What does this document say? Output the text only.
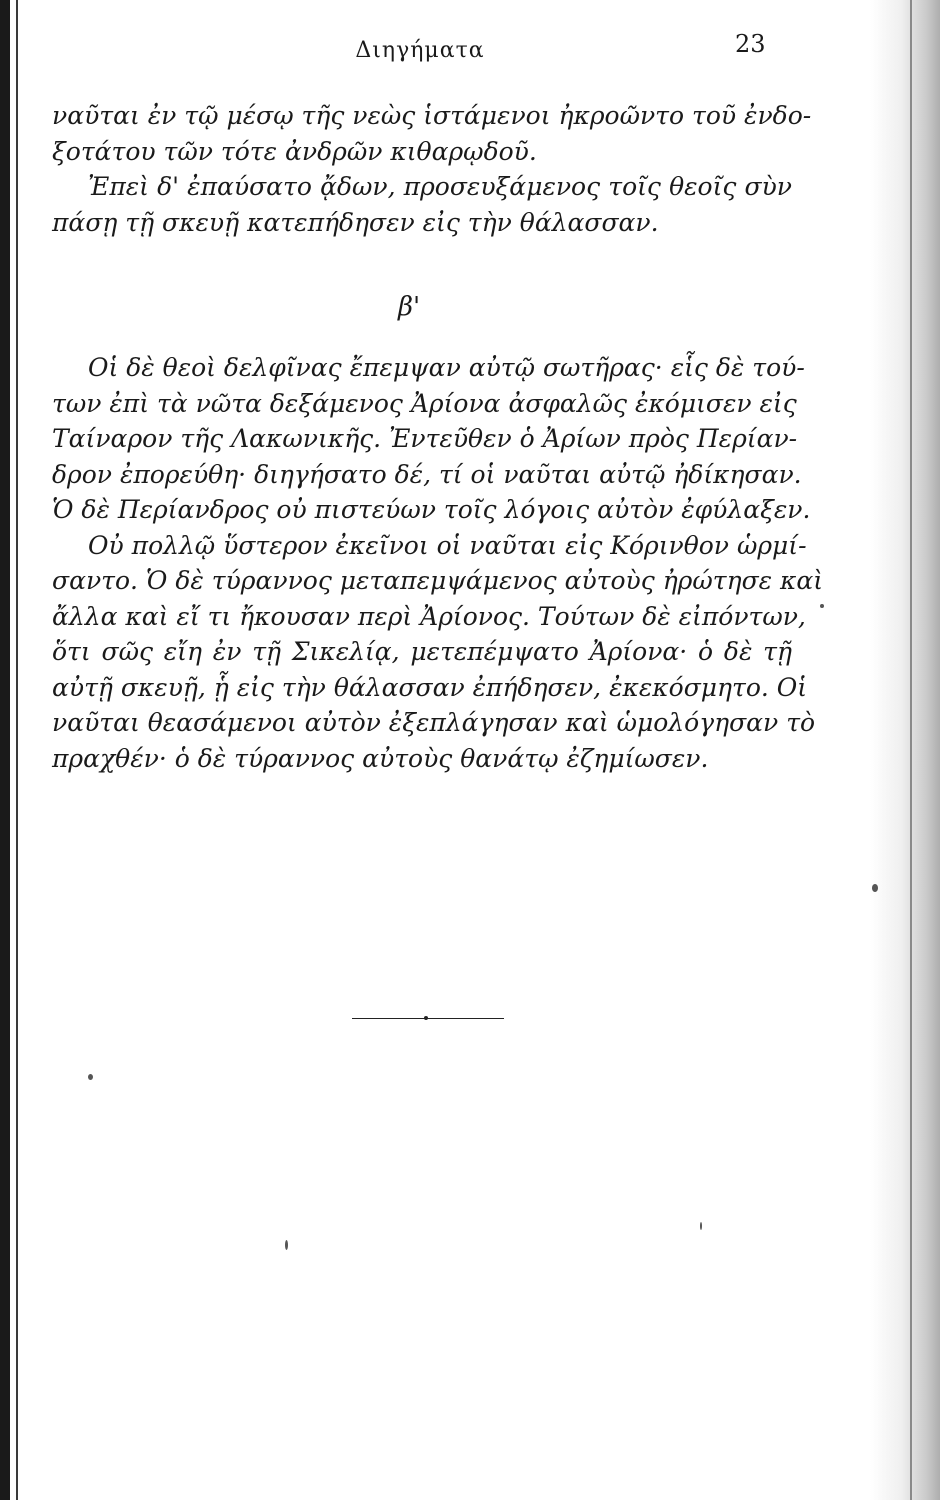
Διηγήματα	23

ναῦται ἐν τῷ μέσῳ τῆς νεὼς ἱστάμενοι ἠκροῶντο τοῦ ἐνδο-
ξοτάτου τῶν τότε ἀνδρῶν κιθαρῳδοῦ.

Ἐπεὶ δ' ἐπαύσατο ᾄδων, προσευξάμενος τοῖς θεοῖς σὺν
πάσῃ τῇ σκευῇ κατεπήδησεν εἰς τὴν θάλασσαν.

β'

Οἱ δὲ θεοὶ δελφῖνας ἔπεμψαν αὐτῷ σωτῆρας· εἷς δὲ τού-
των ἐπὶ τὰ νῶτα δεξάμενος Ἀρίονα ἀσφαλῶς ἐκόμισεν εἰς
Ταίναρον τῆς Λακωνικῆς. Ἐντεῦθεν ὁ Ἀρίων πρὸς Περίαν-
δρον ἐπορεύθη· διηγήσατο δέ, τί οἱ ναῦται αὐτῷ ἠδίκησαν.
Ὁ δὲ Περίανδρος οὐ πιστεύων τοῖς λόγοις αὐτὸν ἐφύλαξεν.

Οὐ πολλῷ ὕστερον ἐκεῖνοι οἱ ναῦται εἰς Κόρινθον ὡρμί-
σαντο. Ὁ δὲ τύραννος μεταπεμψάμενος αὐτοὺς ἠρώτησε καὶ
ἄλλα καὶ εἴ τι ἤκουσαν περὶ Ἀρίονος. Τούτων δὲ εἰπόντων,
ὅτι σῶς εἴη ἐν τῇ Σικελίᾳ, μετεπέμψατο Ἀρίονα· ὁ δὲ τῇ
αὐτῇ σκευῇ, ᾗ εἰς τὴν θάλασσαν ἐπήδησεν, ἐκεκόσμητο. Οἱ
ναῦται θεασάμενοι αὐτὸν ἐξεπλάγησαν καὶ ὡμολόγησαν τὸ
πραχθέν· ὁ δὲ τύραννος αὐτοὺς θανάτῳ ἐζημίωσεν.
